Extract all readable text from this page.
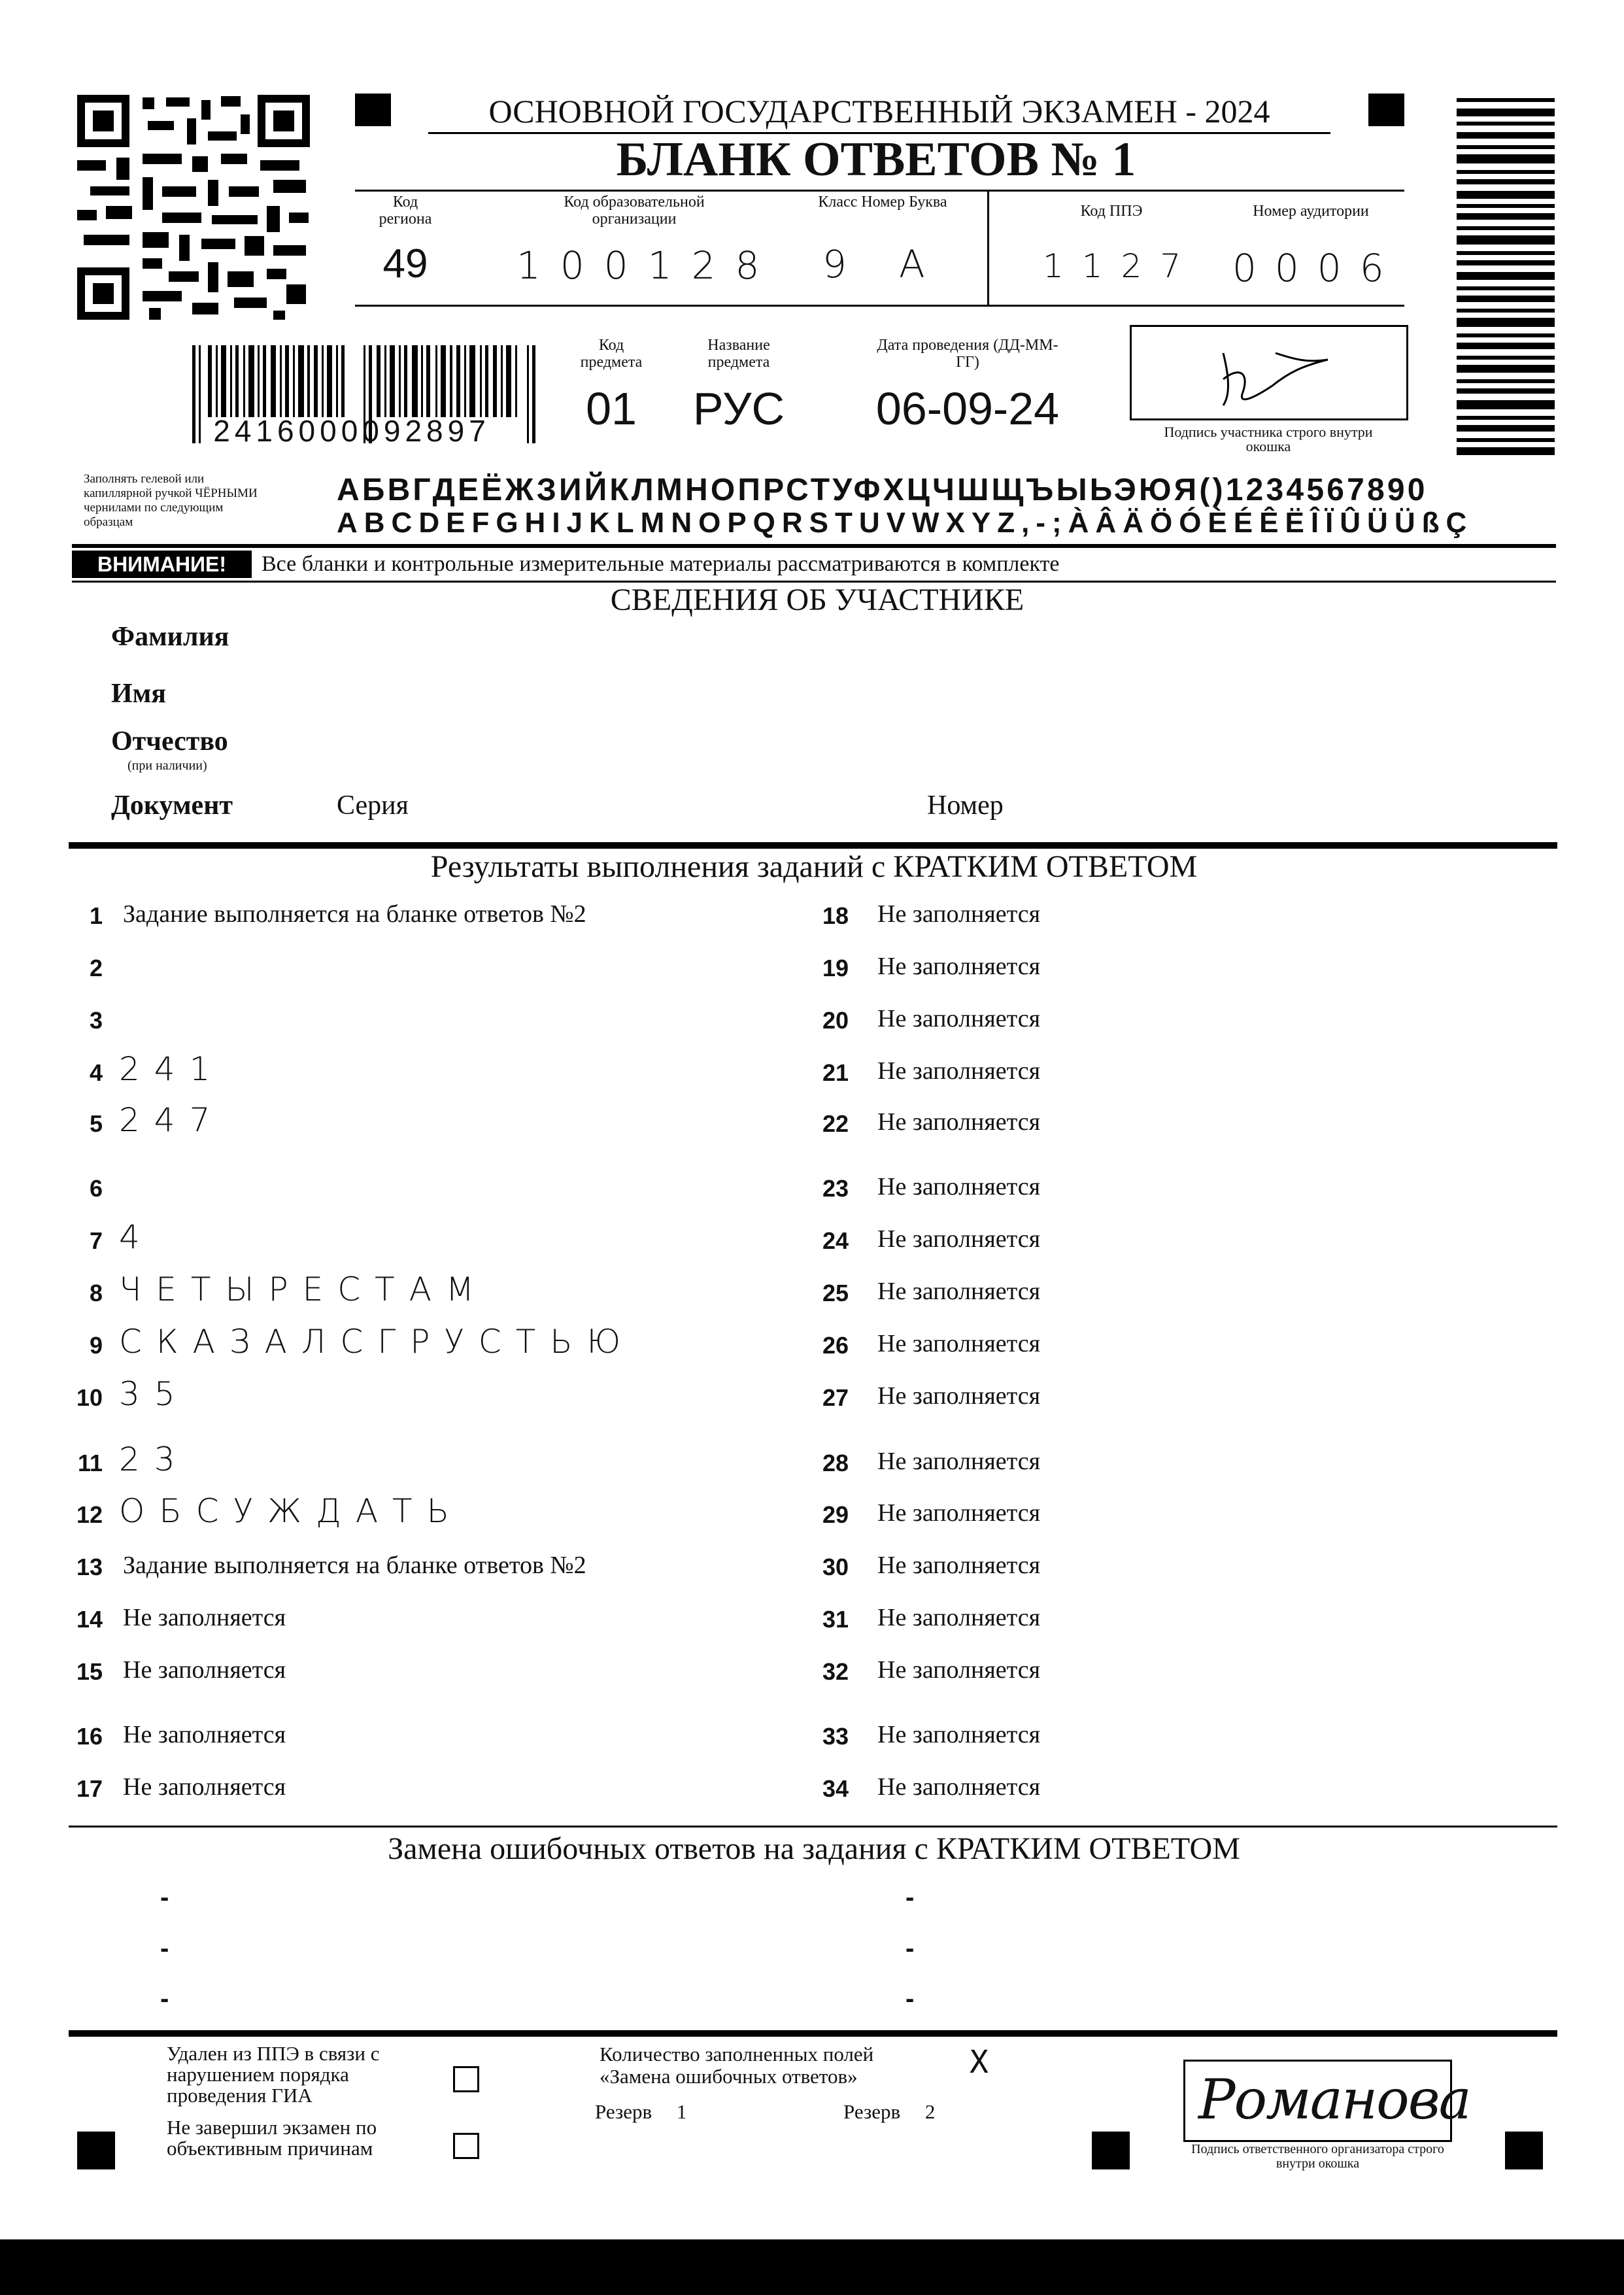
ОСНОВНОЙ ГОСУДАРСТВЕННЫЙ ЭКЗАМЕН - 2024
БЛАНК ОТВЕТОВ № 1
Код региона
49
Код образовательной организации
100128
Класс Номер Буква
9 А
Код ППЭ
1127
Номер аудитории
0006
2416000092897
Код предмета
01
Название предмета
РУС
Дата проведения (ДД-ММ-ГГ)
06-09-24	Подпись участника строго внутри окошка
Заполнять гелевой или капиллярной ручкой ЧЁРНЫМИ чернилами по следующим образцам
АБВГДЕЁЖЗИЙКЛМНОПРСТУФХЦЧШЩЪЫЬЭЮЯ()1234567890
ABCDEFGHIJKLMNOPQRSTUVWXYZ,-;ÀÂÄÖÓÈÉÊËÎÏÛÜÜßÇ
ВНИМАНИЕ!	Все бланки и контрольные измерительные материалы рассматриваются в комплекте
СВЕДЕНИЯ ОБ УЧАСТНИКЕ
Фамилия
Имя
Отчество
(при наличии)
Документ	Серия	Номер
Результаты выполнения заданий с КРАТКИМ ОТВЕТОМ
1 Задание выполняется на бланке ответов №2
2
3
4 241
5 247
6
7 4
8 ЧЕТЫРЕСТАМ
9 СКАЗАЛСГРУСТЬЮ
10 35
11 23
12 ОБСУЖДАТЬ
13 Задание выполняется на бланке ответов №2
14 Не заполняется
15 Не заполняется
16 Не заполняется
17 Не заполняется
18 Не заполняется
19 Не заполняется
20 Не заполняется
21 Не заполняется
22 Не заполняется
23 Не заполняется
24 Не заполняется
25 Не заполняется
26 Не заполняется
27 Не заполняется
28 Не заполняется
29 Не заполняется
30 Не заполняется
31 Не заполняется
32 Не заполняется
33 Не заполняется
34 Не заполняется
Замена ошибочных ответов на задания с КРАТКИМ ОТВЕТОМ
-	-
-	-
-	-
Удален из ППЭ в связи с нарушением порядка проведения ГИА
Не завершил экзамен по объективным причинам
Количество заполненных полей «Замена ошибочных ответов»	X
Резерв 1	Резерв 2	Романова
Подпись ответственного организатора строго внутри окошка
